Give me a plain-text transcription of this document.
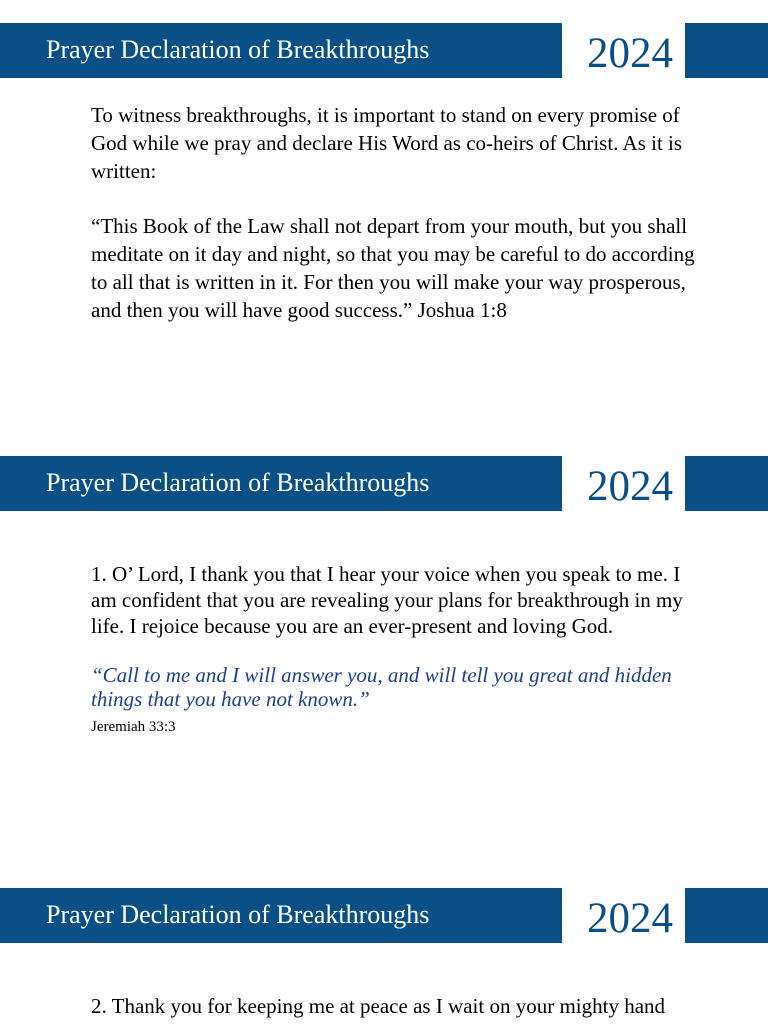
Prayer Declaration of Breakthroughs	2024

To witness breakthroughs, it is important to stand on every promise of God while we pray and declare His Word as co-heirs of Christ. As it is written:

“This Book of the Law shall not depart from your mouth, but you shall meditate on it day and night, so that you may be careful to do according to all that is written in it. For then you will make your way prosperous, and then you will have good success.” Joshua 1:8

Prayer Declaration of Breakthroughs	2024

1. O’ Lord, I thank you that I hear your voice when you speak to me. I am confident that you are revealing your plans for breakthrough in my life. I rejoice because you are an ever-present and loving God.

“Call to me and I will answer you, and will tell you great and hidden things that you have not known.”

Jeremiah 33:3

Prayer Declaration of Breakthroughs	2024

2. Thank you for keeping me at peace as I wait on your mighty hand
